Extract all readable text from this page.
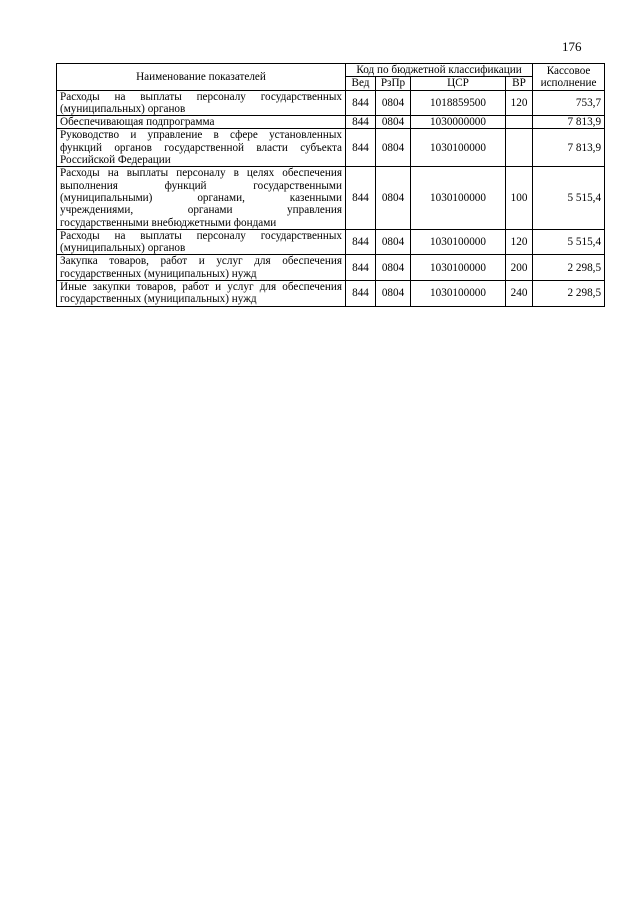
176
Наименование показателей	Код по бюджетной классификации				Кассовое
исполнение

	Вед	РзПр	ЦСР	ВР	

Расходы на выплаты персоналу государственных
(муниципальных) органов	844	0804	1018859500	120	753,7

Обеспечивающая подпрограмма	844	0804	1030000000		7 813,9

Руководство и управление в сфере установленных
функций органов государственной власти субъекта
Российской Федерации	844	0804	1030100000		7 813,9

Расходы на выплаты персоналу в целях обеспечения
выполнения функций государственными
(муниципальными) органами, казенными
учреждениями, органами управления
государственными внебюджетными фондами	844	0804	1030100000	100	5 515,4

Расходы на выплаты персоналу государственных
(муниципальных) органов	844	0804	1030100000	120	5 515,4

Закупка товаров, работ и услуг для обеспечения
государственных (муниципальных) нужд	844	0804	1030100000	200	2 298,5

Иные закупки товаров, работ и услуг для обеспечения
государственных (муниципальных) нужд	844	0804	1030100000	240	2 298,5
